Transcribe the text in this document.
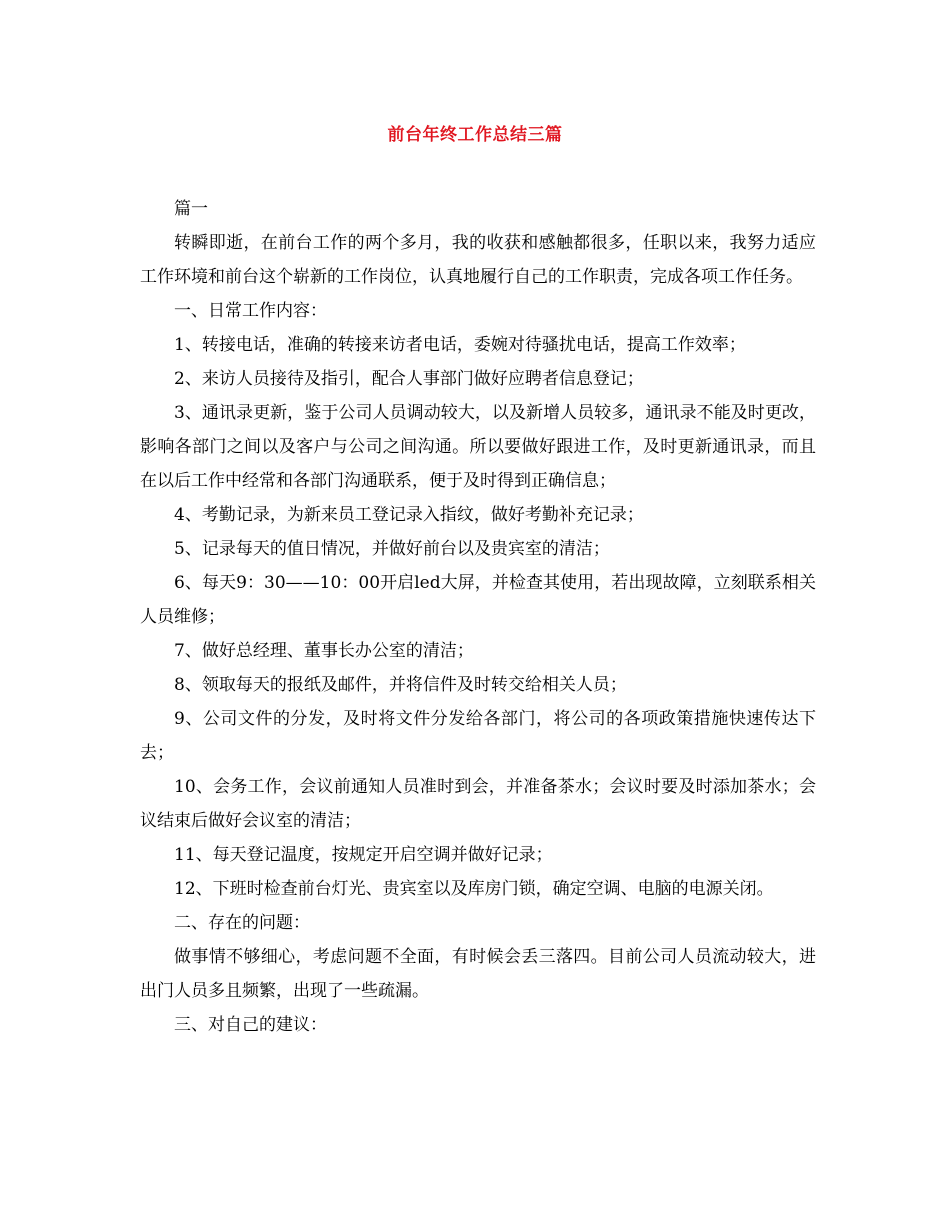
前台年终工作总结三篇

篇一

转瞬即逝，在前台工作的两个多月，我的收获和感触都很多，任职以来，我努力适应工作环境和前台这个崭新的工作岗位，认真地履行自己的工作职责，完成各项工作任务。

一、日常工作内容：

1、转接电话，准确的转接来访者电话，委婉对待骚扰电话，提高工作效率；

2、来访人员接待及指引，配合人事部门做好应聘者信息登记；

3、通讯录更新，鉴于公司人员调动较大，以及新增人员较多，通讯录不能及时更改，影响各部门之间以及客户与公司之间沟通。所以要做好跟进工作，及时更新通讯录，而且在以后工作中经常和各部门沟通联系，便于及时得到正确信息；

4、考勤记录，为新来员工登记录入指纹，做好考勤补充记录；

5、记录每天的值日情况，并做好前台以及贵宾室的清洁；

6、每天9：30——10：00开启led大屏，并检查其使用，若出现故障，立刻联系相关人员维修；

7、做好总经理、董事长办公室的清洁；

8、领取每天的报纸及邮件，并将信件及时转交给相关人员；

9、公司文件的分发，及时将文件分发给各部门，将公司的各项政策措施快速传达下去；

10、会务工作，会议前通知人员准时到会，并准备茶水；会议时要及时添加茶水；会议结束后做好会议室的清洁；

11、每天登记温度，按规定开启空调并做好记录；

12、下班时检查前台灯光、贵宾室以及库房门锁，确定空调、电脑的电源关闭。

二、存在的问题：

做事情不够细心，考虑问题不全面，有时候会丢三落四。目前公司人员流动较大，进出门人员多且频繁，出现了一些疏漏。

三、对自己的建议：
